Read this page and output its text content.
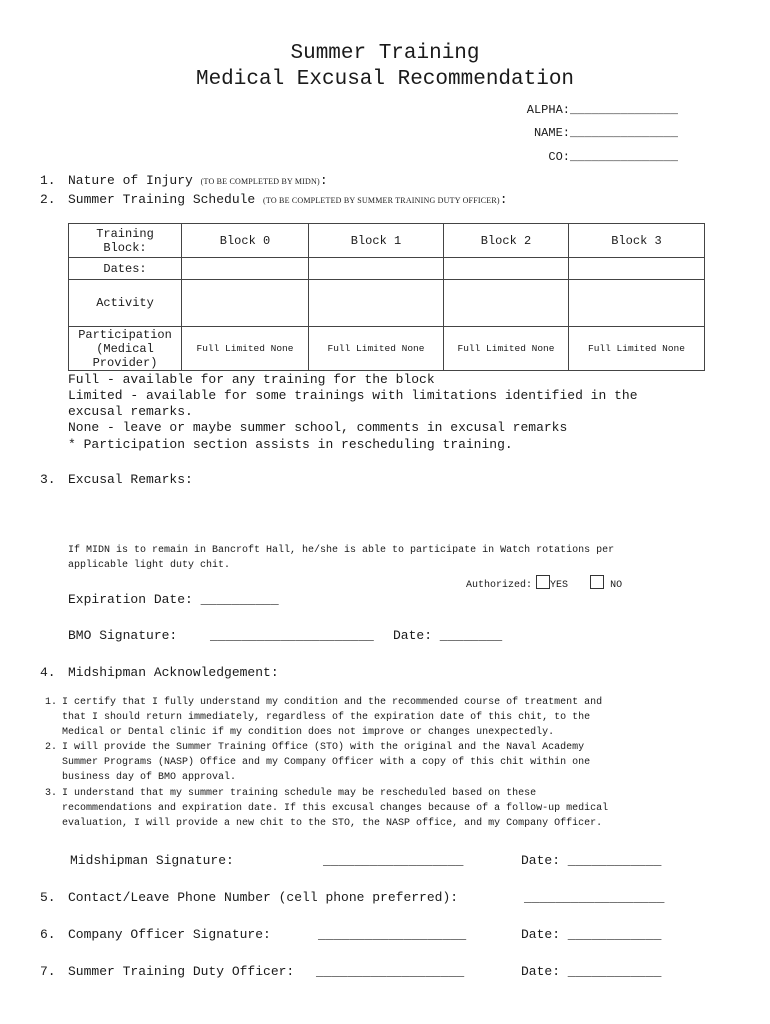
Summer Training
Medical Excusal Recommendation
ALPHA:_______________
NAME:_______________
CO:_______________
1. Nature of Injury (TO BE COMPLETED BY MIDN):
2. Summer Training Schedule (TO BE COMPLETED BY SUMMER TRAINING DUTY OFFICER):
Training
Block:	Block 0	Block 1	Block 2	Block 3
Dates:				
Activity				
Participation
(Medical
Provider)	Full Limited None	Full Limited None	Full Limited None	Full Limited None
Full - available for any training for the block
Limited - available for some trainings with limitations identified in the
excusal remarks.
None - leave or maybe summer school, comments in excusal remarks
* Participation section assists in rescheduling training.
3. Excusal Remarks:
If MIDN is to remain in Bancroft Hall, he/she is able to participate in Watch rotations per
applicable light duty chit.
Authorized: YES	NO
Expiration Date: __________
BMO Signature:	_____________________ Date: ________
4. Midshipman Acknowledgement:
1. I certify that I fully understand my condition and the recommended course of treatment and
that I should return immediately, regardless of the expiration date of this chit, to the
Medical or Dental clinic if my condition does not improve or changes unexpectedly.
2. I will provide the Summer Training Office (STO) with the original and the Naval Academy
Summer Programs (NASP) Office and my Company Officer with a copy of this chit within one
business day of BMO approval.
3. I understand that my summer training schedule may be rescheduled based on these
recommendations and expiration date. If this excusal changes because of a follow-up medical
evaluation, I will provide a new chit to the STO, the NASP office, and my Company Officer.
Midshipman Signature:	__________________	Date: ____________
5. Contact/Leave Phone Number (cell phone preferred):	__________________
6. Company Officer Signature:	___________________	Date: ____________
7. Summer Training Duty Officer: ___________________	Date: ____________
